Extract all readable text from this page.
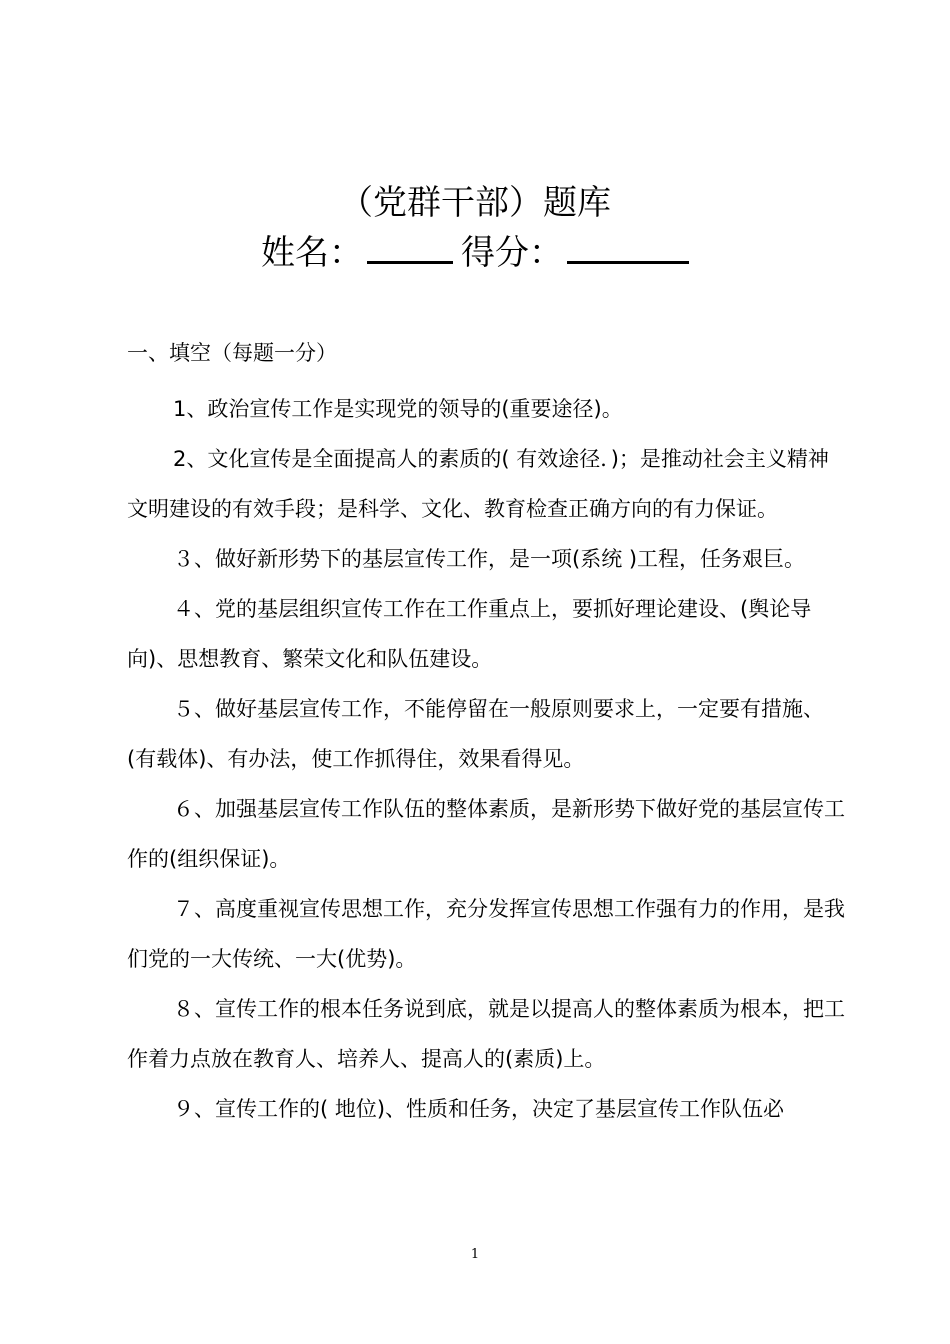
（党群干部）题库
姓名：	得分：
一、填空（每题一分）
1、政治宣传工作是实现党的领导的(重要途径)。
2、文化宣传是全面提高人的素质的( 有效途径．)；是推动社会主义精神文明建设的有效手段；是科学、文化、教育检查正确方向的有力保证。
３、做好新形势下的基层宣传工作，是一项(系统 )工程，任务艰巨。
４、党的基层组织宣传工作在工作重点上，要抓好理论建设、(舆论导向)、思想教育、繁荣文化和队伍建设。
５、做好基层宣传工作，不能停留在一般原则要求上，一定要有措施、(有载体)、有办法，使工作抓得住，效果看得见。
６、加强基层宣传工作队伍的整体素质，是新形势下做好党的基层宣传工作的(组织保证)。
７、高度重视宣传思想工作，充分发挥宣传思想工作强有力的作用，是我们党的一大传统、一大(优势)。
８、宣传工作的根本任务说到底，就是以提高人的整体素质为根本，把工作着力点放在教育人、培养人、提高人的(素质)上。
９、宣传工作的( 地位)、性质和任务，决定了基层宣传工作队伍必
1
